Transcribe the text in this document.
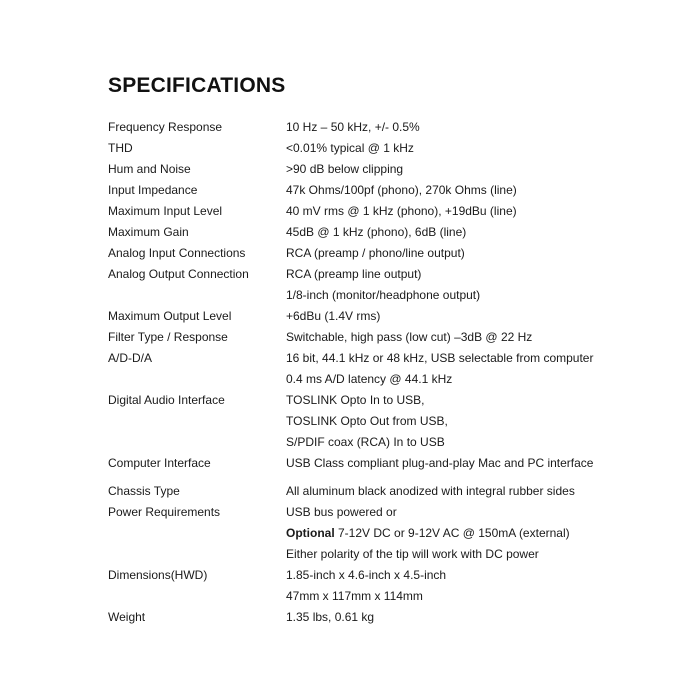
SPECIFICATIONS
Frequency Response	10 Hz – 50 kHz, +/- 0.5%
THD	<0.01% typical @ 1 kHz
Hum and Noise	>90 dB below clipping
Input Impedance	47k Ohms/100pf (phono), 270k Ohms (line)
Maximum Input Level	40 mV rms @ 1 kHz (phono), +19dBu (line)
Maximum Gain	45dB @ 1 kHz (phono), 6dB (line)
Analog Input Connections	RCA (preamp / phono/line output)
Analog Output Connection	RCA (preamp line output)
1/8-inch (monitor/headphone output)
Maximum Output Level	+6dBu (1.4V rms)
Filter Type / Response	Switchable, high pass (low cut) –3dB @ 22 Hz
A/D-D/A	16 bit, 44.1 kHz or 48 kHz, USB selectable from computer
0.4 ms A/D latency @ 44.1 kHz
Digital Audio Interface	TOSLINK Opto In to USB,
TOSLINK Opto Out from USB,
S/PDIF coax (RCA) In to USB
Computer Interface	USB Class compliant plug-and-play Mac and PC interface
Chassis Type	All aluminum black anodized with integral rubber sides
Power Requirements	USB bus powered or
Optional 7-12V DC or 9-12V AC @ 150mA (external)
Either polarity of the tip will work with DC power
Dimensions(HWD)	1.85-inch x 4.6-inch x 4.5-inch
47mm x 117mm x 114mm
Weight	1.35 lbs, 0.61 kg
